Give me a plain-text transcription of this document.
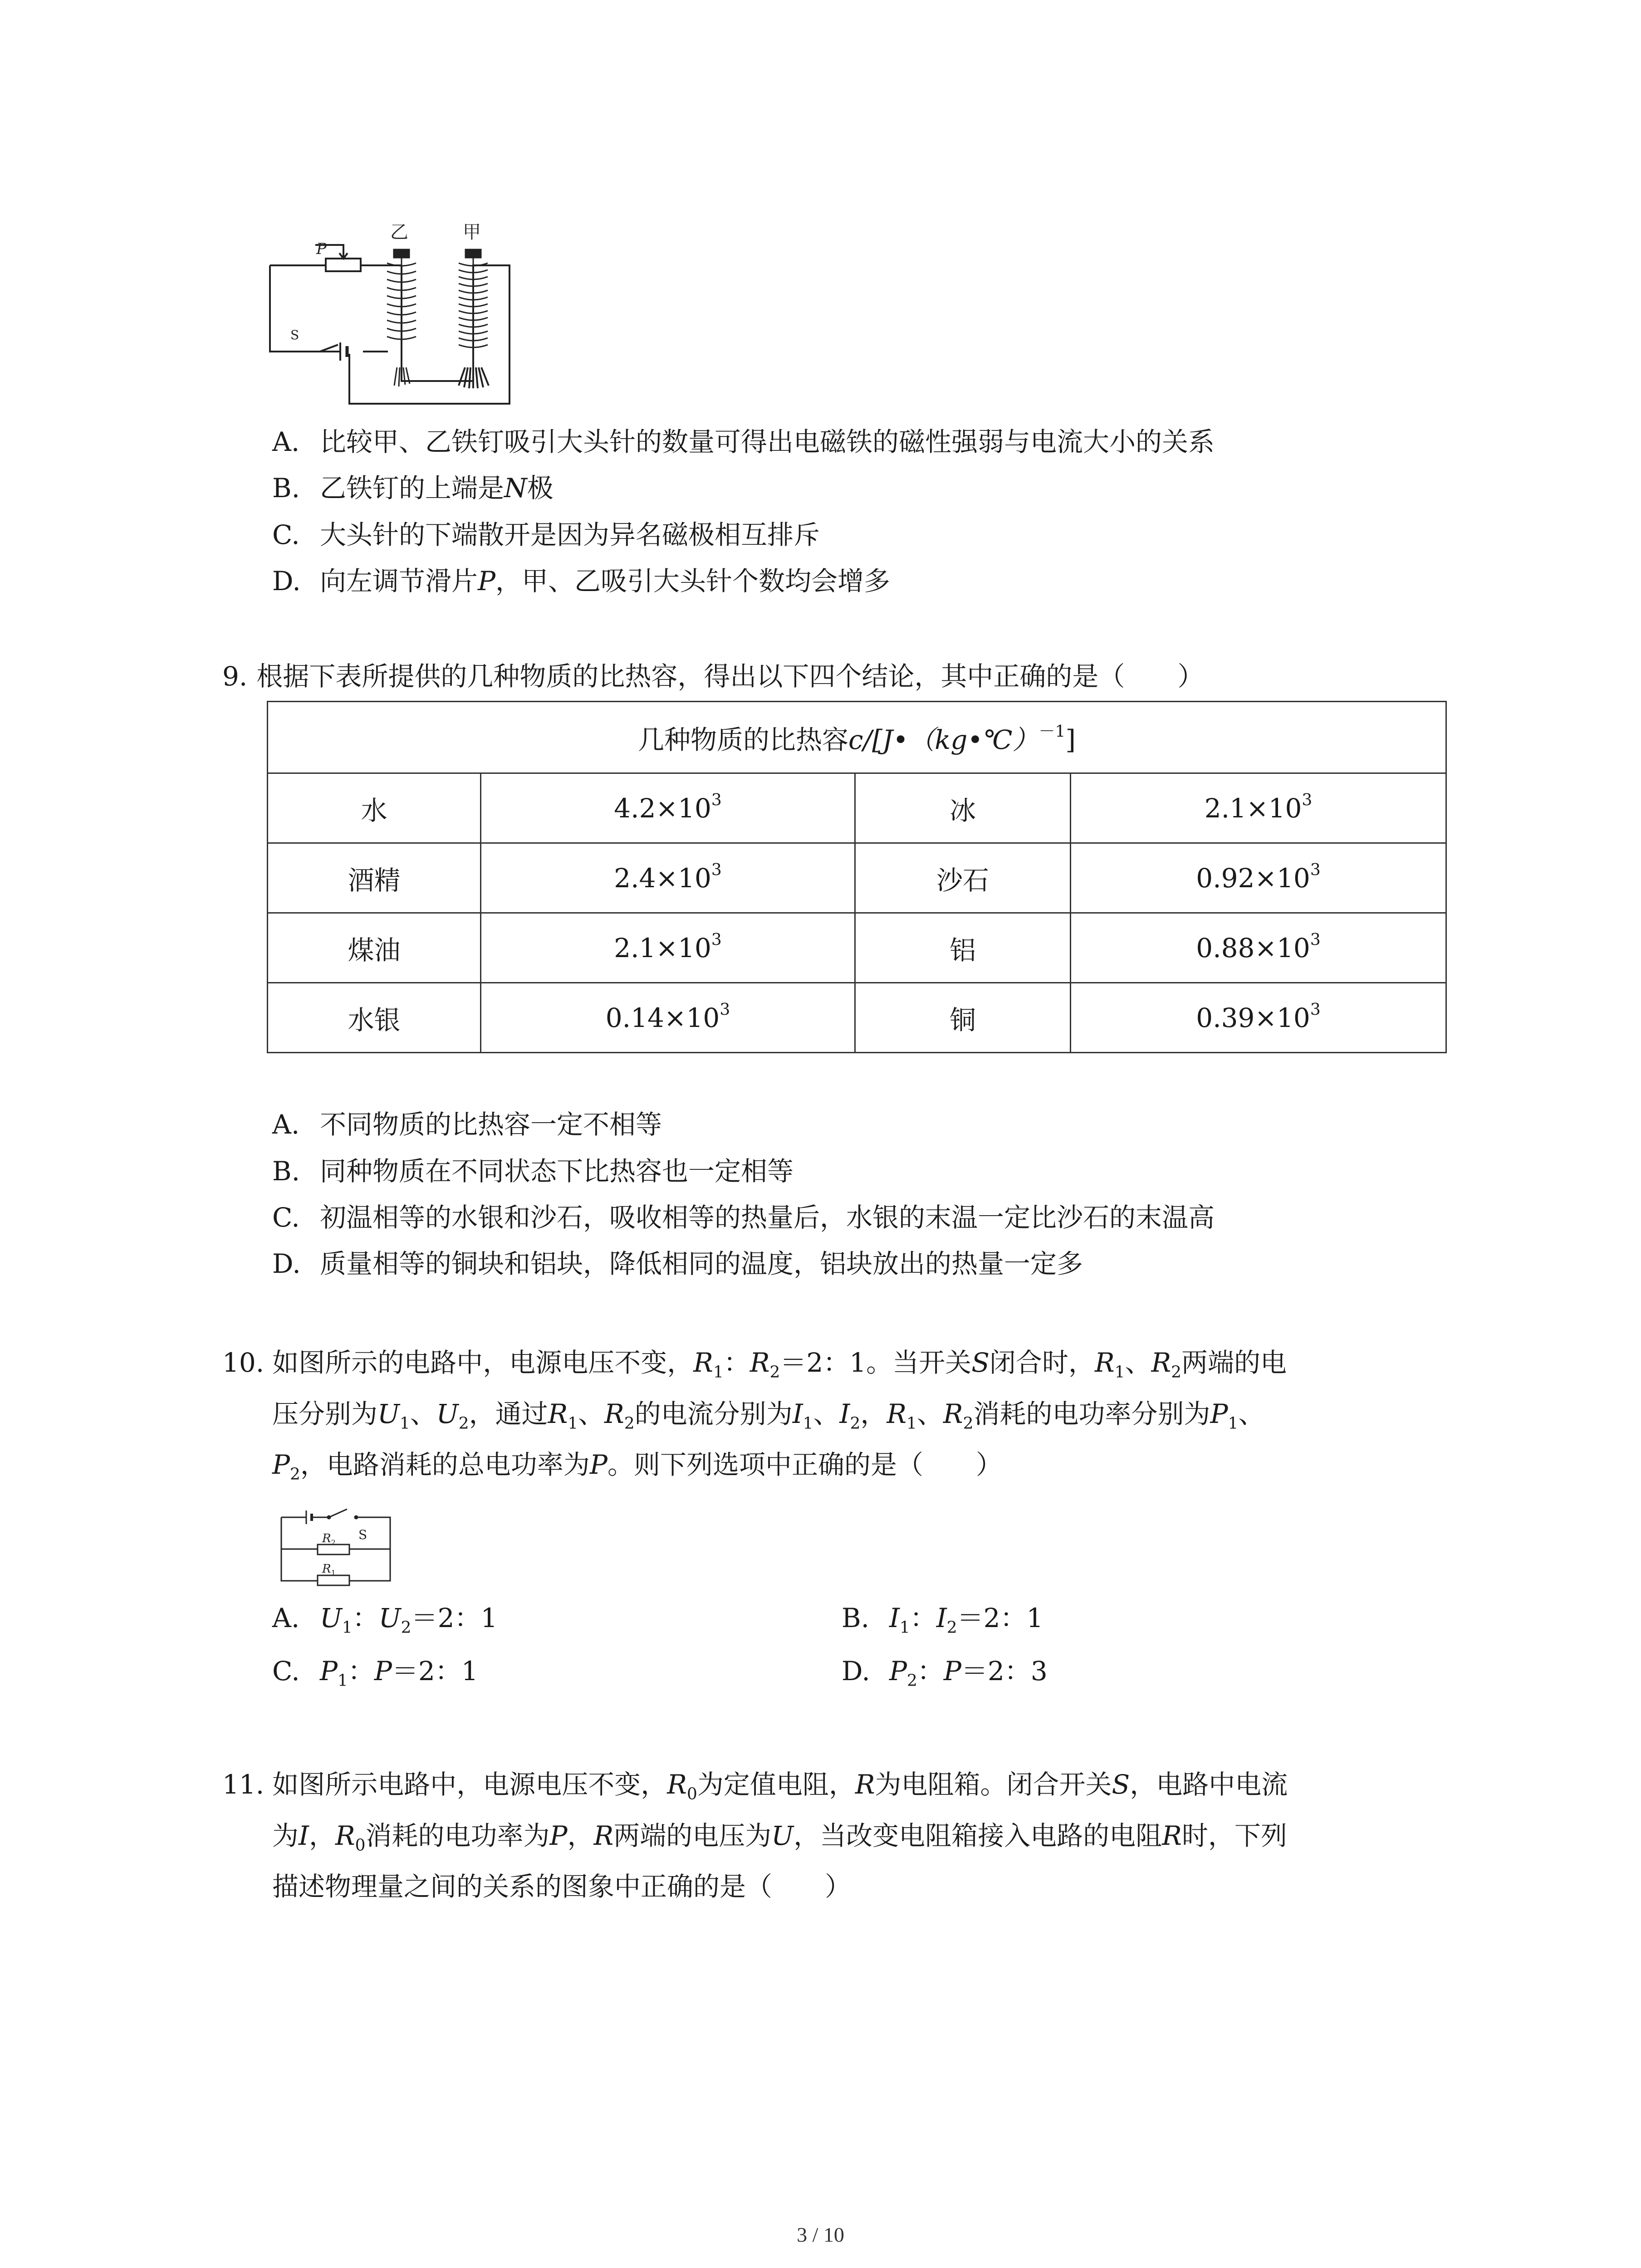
乙	甲
P
S
A. 比较甲、乙铁钉吸引大头针的数量可得出电磁铁的磁性强弱与电流大小的关系
B. 乙铁钉的上端是N极
C. 大头针的下端散开是因为异名磁极相互排斥
D. 向左调节滑片P，甲、乙吸引大头针个数均会增多
9. 根据下表所提供的几种物质的比热容，得出以下四个结论，其中正确的是（　　）
几种物质的比热容c/[J•（kg•℃）$^{-1}$]			
水	$4.2\times 10^3$	冰	$2.1\times 10^3$
酒精	$2.4\times 10^3$	沙石	$0.92\times 10^3$
煤油	$2.1\times 10^3$	铝	$0.88\times 10^3$
水银	$0.14\times 10^3$	铜	$0.39\times 10^3$
A. 不同物质的比热容一定不相等
B. 同种物质在不同状态下比热容也一定相等
C. 初温相等的水银和沙石，吸收相等的热量后，水银的末温一定比沙石的末温高
D. 质量相等的铜块和铝块，降低相同的温度，铝块放出的热量一定多
10. 如图所示的电路中，电源电压不变，$R_1$：$R_2=2$：1。当开关S闭合时，$R_1$、$R_2$两端的电
压分别为$U_1$、$U_2$，通过$R_1$、$R_2$的电流分别为$I_1$、$I_2$，$R_1$、$R_2$消耗的电功率分别为$P_1$、
$P_2$，电路消耗的总电功率为P。则下列选项中正确的是（　　）
$R_2$
$R_1$
S
A. $U_1$：$U_2=2$：1	B. $I_1$：$I_2=2$：1
C. $P_1$：P＝2：1	D. $P_2$：P＝2：3
11. 如图所示电路中，电源电压不变，$R_0$为定值电阻，R为电阻箱。闭合开关S，电路中电流
为I，$R_0$消耗的电功率为P，R两端的电压为U，当改变电阻箱接入电路的电阻R时，下列
描述物理量之间的关系的图象中正确的是（　　）
3 / 10
